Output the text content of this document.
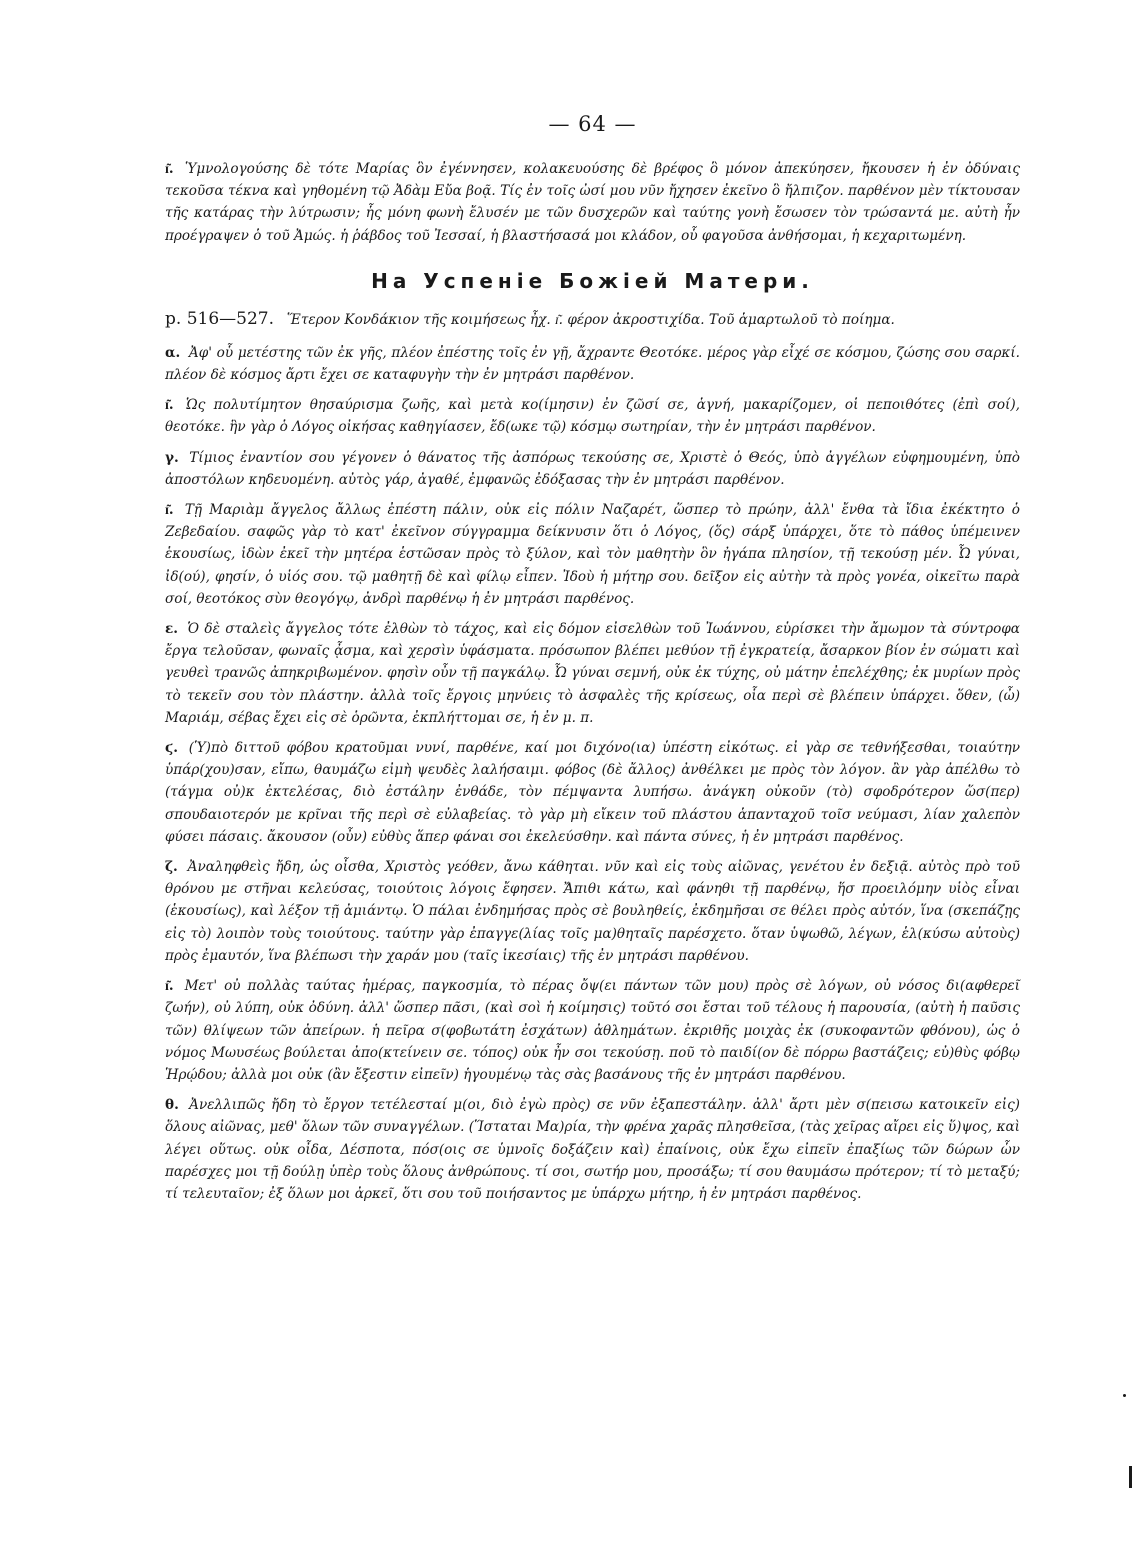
— 64 —

ɪ͂. Ὑμνολογούσης δὲ τότε Μαρίας ὃν ἐγέννησεν, κολακευούσης δὲ βρέφος ὃ μόνον ἀπεκύησεν, ἤκουσεν ἡ ἐν ὀδύναις τεκοῦσα τέκνα καὶ γηθομένη τῷ Ἀδὰμ Εὔα βοᾷ. Τίς ἐν τοῖς ὠσί μου νῦν ἤχησεν ἐκεῖνο ὃ ἤλπιζον. παρθένον μὲν τίκτουσαν τῆς κατάρας τὴν λύτρωσιν; ἧς μόνη φωνὴ ἔλυσέν με τῶν δυσχερῶν καὶ ταύτης γονὴ ἔσωσεν τὸν τρώσαντά με. αὐτὴ ἦν προέγραψεν ὁ τοῦ Ἀμώς. ἡ ῥάβδος τοῦ Ἰεσσαί, ἡ βλαστήσασά μοι κλάδον, οὗ φαγοῦσα ἀνθήσομαι, ἡ κεχαριτωμένη.

На Успеніе Божіей Матери.

p. 516—527. Ἕτερον Κονδάκιον τῆς κοιμήσεως ἦχ. ɪ͂. φέρον ἀκροστιχίδα. Τοῦ ἁμαρτωλοῦ τὸ ποίημα.

α. Ἀφ' οὗ μετέστης τῶν ἐκ γῆς, πλέον ἐπέστης τοῖς ἐν γῇ, ἄχραντε Θεοτόκε. μέρος γὰρ εἶχέ σε κόσμου, ζώσης σου σαρκί. πλέον δὲ κόσμος ἄρτι ἔχει σε καταφυγὴν τὴν ἐν μητράσι παρθένον.

ɪ͂. Ὡς πολυτίμητον θησαύρισμα ζωῆς, καὶ μετὰ κο(ίμησιν) ἐν ζῶσί σε, ἁγνή, μακαρίζομεν, οἱ πεποιθότες (ἐπὶ σοί), θεοτόκε. ἣν γὰρ ὁ Λόγος οἰκήσας καθηγίασεν, ἔδ(ωκε τῷ) κόσμῳ σωτηρίαν, τὴν ἐν μητράσι παρθένον.

γ. Τίμιος ἐναντίον σου γέγονεν ὁ θάνατος τῆς ἀσπόρως τεκούσης σε, Χριστὲ ὁ Θεός, ὑπὸ ἀγγέλων εὐφημουμένη, ὑπὸ ἀποστόλων κηδευομένη. αὐτὸς γάρ, ἀγαθέ, ἐμφανῶς ἐδόξασας τὴν ἐν μητράσι παρθένον.

ɪ͂. Τῇ Μαριὰμ ἄγγελος ἄλλως ἐπέστη πάλιν, οὐκ εἰς πόλιν Ναζαρέτ, ὥσπερ τὸ πρώην, ἀλλ' ἔνθα τὰ ἴδια ἐκέκτητο ὁ Ζεβεδαίου. σαφῶς γὰρ τὸ κατ' ἐκεῖνον σύγγραμμα δείκνυσιν ὅτι ὁ Λόγος, (ὅς) σάρξ ὑπάρχει, ὅτε τὸ πάθος ὑπέμεινεν ἑκουσίως, ἰδὼν ἐκεῖ τὴν μητέρα ἑστῶσαν πρὸς τὸ ξύλον, καὶ τὸν μαθητὴν ὃν ἠγάπα πλησίον, τῇ τεκούσῃ μέν. Ὦ γύναι, ἰδ(ού), φησίν, ὁ υἱός σου. τῷ μαθητῇ δὲ καὶ φίλῳ εἶπεν. Ἰδοὺ ἡ μήτηρ σου. δεῖξον εἰς αὐτὴν τὰ πρὸς γονέα, οἰκεῖτω παρὰ σοί, θεοτόκος σὺν θεογόγῳ, ἀνδρὶ παρθένῳ ἡ ἐν μητράσι παρθένος.

ε. Ὁ δὲ σταλεὶς ἄγγελος τότε ἐλθὼν τὸ τάχος, καὶ εἰς δόμον εἰσελθὼν τοῦ Ἰωάννου, εὑρίσκει τὴν ἄμωμον τὰ σύντροφα ἔργα τελοῦσαν, φωναῖς ᾆσμα, καὶ χερσὶν ὑφάσματα. πρόσωπον βλέπει μεθύον τῇ ἐγκρατείᾳ, ἄσαρκον βίον ἐν σώματι καὶ γευθεὶ τρανῶς ἀπηκριβωμένον. φησὶν οὖν τῇ παγκάλῳ. Ὦ γύναι σεμνή, οὐκ ἐκ τύχης, οὐ μάτην ἐπελέχθης; ἐκ μυρίων πρὸς τὸ τεκεῖν σου τὸν πλάστην. ἀλλὰ τοῖς ἔργοις μηνύεις τὸ ἀσφαλὲς τῆς κρίσεως, οἷα περὶ σὲ βλέπειν ὑπάρχει. ὅθεν, (ὦ) Μαριάμ, σέβας ἔχει εἰς σὲ ὁρῶντα, ἐκπλήττομαι σε, ἡ ἐν μ. π.

ϛ. (Ὑ)πὸ διττοῦ φόβου κρατοῦμαι νυνί, παρθένε, καί μοι διχόνο(ια) ὑπέστη εἰκότως. εἰ γὰρ σε τεθνήξεσθαι, τοιαύτην ὑπάρ(χου)σαν, εἴπω, θαυμάζω εἰμὴ ψευδὲς λαλήσαιμι. φόβος (δὲ ἄλλος) ἀνθέλκει με πρὸς τὸν λόγον. ἂν γὰρ ἀπέλθω τὸ (τάγμα οὐ)κ ἐκτελέσας, διὸ ἐστάλην ἐνθάδε, τὸν πέμψαντα λυπήσω. ἀνάγκη οὐκοῦν (τὸ) σφοδρότερον ὥσ(περ) σπουδαιοτερόν με κρῖναι τῆς περὶ σὲ εὐλαβείας. τὸ γὰρ μὴ εἴκειν τοῦ πλάστου ἁπανταχοῦ τοῖσ νεύμασι, λίαν χαλεπὸν φύσει πάσαις. ἄκουσον (οὖν) εὐθὺς ἅπερ φάναι σοι ἐκελεύσθην. καὶ πάντα σύνες, ἡ ἐν μητράσι παρθένος.

ζ. Ἀναληφθεὶς ἤδη, ὡς οἶσθα, Χριστὸς γεόθεν, ἄνω κάθηται. νῦν καὶ εἰς τοὺς αἰῶνας, γενέτου ἐν δεξιᾷ. αὐτὸς πρὸ τοῦ θρόνου με στῆναι κελεύσας, τοιούτοις λόγοις ἔφησεν. Ἄπιθι κάτω, καὶ φάνηθι τῇ παρθένῳ, ἥσ προειλόμην υἱὸς εἶναι (ἑκουσίως), καὶ λέξον τῇ ἀμιάντῳ. Ὁ πάλαι ἐνδημήσας πρὸς σὲ βουληθείς, ἐκδημῆσαι σε θέλει πρὸς αὐτόν, ἵνα (σκεπάζῃς εἰς τὸ) λοιπὸν τοὺς τοιούτους. ταύτην γὰρ ἐπαγγε(λίας τοῖς μα)θηταῖς παρέσχετο. ὅταν ὑψωθῶ, λέγων, ἑλ(κύσω αὐτοὺς) πρὸς ἐμαυτόν, ἵνα βλέπωσι τὴν χαράν μου (ταῖς ἱκεσίαις) τῆς ἐν μητράσι παρθένου.

ɪ͂. Μετ' οὐ πολλὰς ταύτας ἡμέρας, παγκοσμία, τὸ πέρας ὄψ(ει πάντων τῶν μου) πρὸς σὲ λόγων, οὐ νόσος δι(αφθερεῖ ζωήν), οὐ λύπη, οὐκ ὀδύνη. ἀλλ' ὥσπερ πᾶσι, (καὶ σοὶ ἡ κοίμησις) τοῦτό σοι ἔσται τοῦ τέλους ἡ παρουσία, (αὐτὴ ἡ παῦσις τῶν) θλίψεων τῶν ἀπείρων. ἡ πεῖρα σ(φοβωτάτη ἐσχάτων) ἀθλημάτων. ἐκριθῆς μοιχὰς ἐκ (συκοφαντῶν φθόνου), ὡς ὁ νόμος Μωυσέως βούλεται ἀπο(κτείνειν σε. τόπος) οὐκ ἦν σοι τεκούσῃ. ποῦ τὸ παιδί(ον δὲ πόρρω βαστάζεις; εὐ)θὺς φόβῳ Ἡρῴδου; ἀλλὰ μοι οὐκ (ἂν ἔξεστιν εἰπεῖν) ἡγουμένῳ τὰς σὰς βασάνους τῆς ἐν μητράσι παρθένου.

θ. Ἀνελλιπῶς ἤδη τὸ ἔργον τετέλεσταί μ(οι, διὸ ἐγὼ πρὸς) σε νῦν ἐξαπεστάλην. ἀλλ' ἄρτι μὲν σ(πεισω κατοικεῖν εἰς) ὅλους αἰῶνας, μεθ' ὅλων τῶν συναγγέλων. (Ἵσταται Μα)ρία, τὴν φρένα χαρᾶς πλησθεῖσα, (τὰς χεῖρας αἴρει εἰς ὕ)ψος, καὶ λέγει οὕτως. οὐκ οἶδα, Δέσποτα, πόσ(οις σε ὑμνοῖς δοξάζειν καὶ) ἐπαίνοις, οὐκ ἔχω εἰπεῖν ἐπαξίως τῶν δώρων ὧν παρέσχες μοι τῇ δούλῃ ὑπὲρ τοὺς ὅλους ἀνθρώπους. τί σοι, σωτήρ μου, προσάξω; τί σου θαυμάσω πρότερον; τί τὸ μεταξύ; τί τελευταῖον; ἐξ ὅλων μοι ἀρκεῖ, ὅτι σου τοῦ ποιήσαντος με ὑπάρχω μήτηρ, ἡ ἐν μητράσι παρθένος.
